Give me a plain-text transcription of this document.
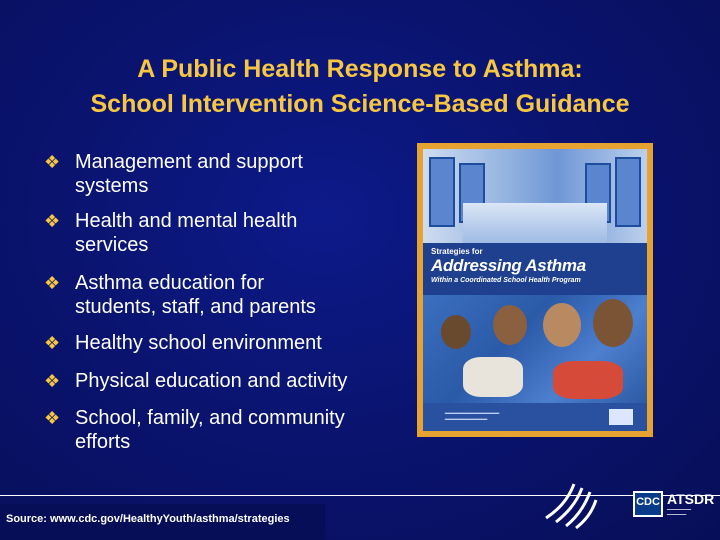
A Public Health Response to Asthma:
School Intervention Science-Based Guidance
❖ Management and support
systems
❖ Health and mental health
services
❖ Asthma education for
students, staff, and parents
❖ Healthy school environment
❖ Physical education and activity
❖ School, family, and community
efforts
Strategies for
Addressing Asthma
Within a Coordinated School Health Program
━━━━━━━━━━━━━━━━━━
━━━━━━━━━━━━━━
Source: www.cdc.gov/HealthyYouth/asthma/strategies
CDC ATSDR
━━━━━━━━━━
━━━━━━━━
